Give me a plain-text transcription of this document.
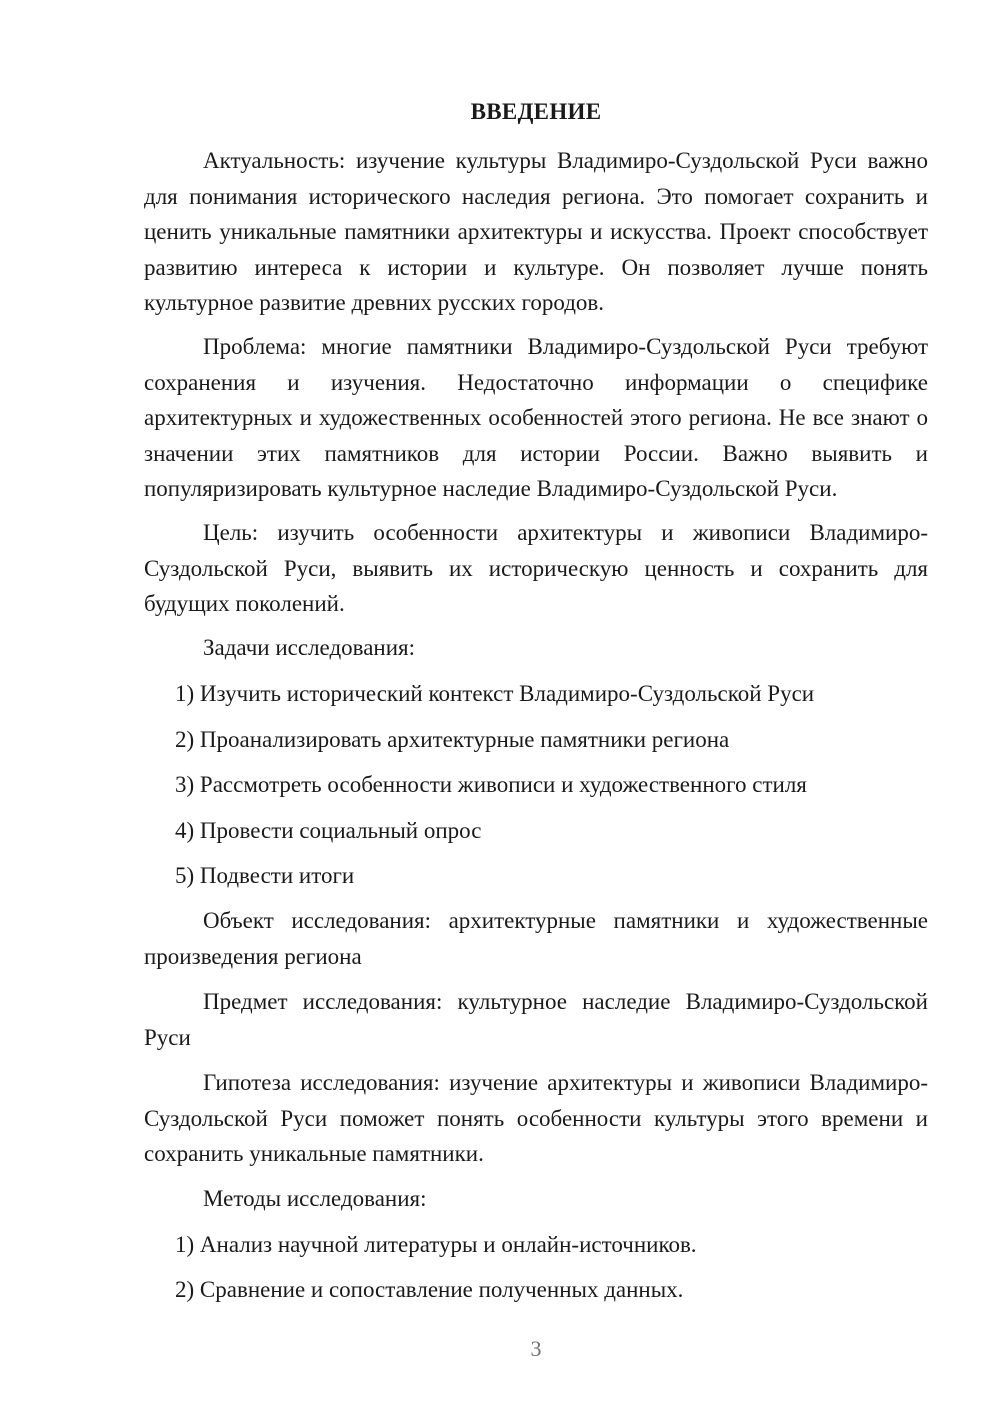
ВВЕДЕНИЕ

Актуальность: изучение культуры Владимиро-Суздольской Руси важно для понимания исторического наследия региона. Это помогает сохранить и ценить уникальные памятники архитектуры и искусства. Проект способствует развитию интереса к истории и культуре. Он позволяет лучше понять культурное развитие древних русских городов.

Проблема: многие памятники Владимиро-Суздольской Руси требуют сохранения и изучения. Недостаточно информации о специфике архитектурных и художественных особенностей этого региона. Не все знают о значении этих памятников для истории России. Важно выявить и популяризировать культурное наследие Владимиро-Суздольской Руси.

Цель: изучить особенности архитектуры и живописи Владимиро-Суздольской Руси, выявить их историческую ценность и сохранить для будущих поколений.

Задачи исследования:

1) Изучить исторический контекст Владимиро-Суздольской Руси

2) Проанализировать архитектурные памятники региона

3) Рассмотреть особенности живописи и художественного стиля

4) Провести социальный опрос

5) Подвести итоги

Объект исследования: архитектурные памятники и художественные произведения региона

Предмет исследования: культурное наследие Владимиро-Суздольской Руси

Гипотеза исследования: изучение архитектуры и живописи Владимиро-Суздольской Руси поможет понять особенности культуры этого времени и сохранить уникальные памятники.

Методы исследования:

1) Анализ научной литературы и онлайн-источников.

2) Сравнение и сопоставление полученных данных.

3
